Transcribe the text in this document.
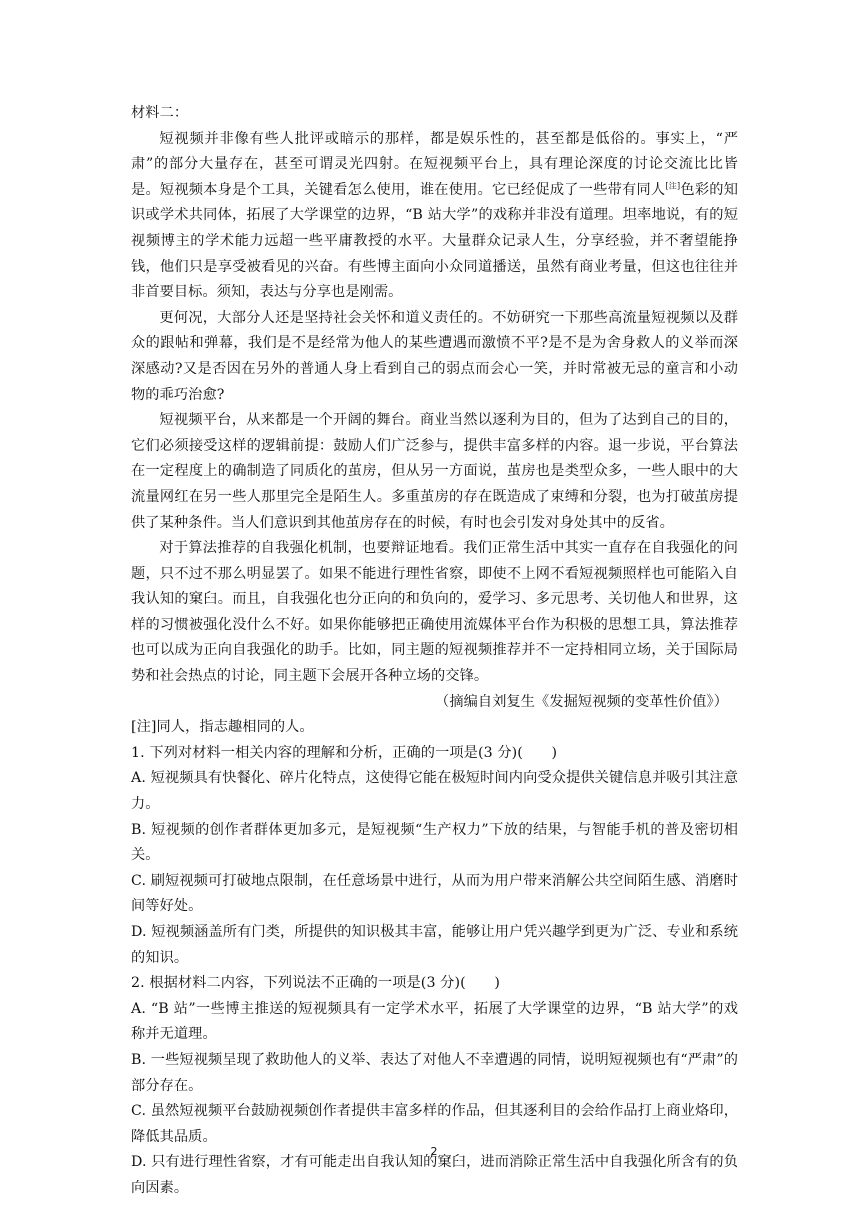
材料二：

短视频并非像有些人批评或暗示的那样，都是娱乐性的，甚至都是低俗的。事实上，“严肃”的部分大量存在，甚至可谓灵光四射。在短视频平台上，具有理论深度的讨论交流比比皆是。短视频本身是个工具，关键看怎么使用，谁在使用。它已经促成了一些带有同人[注]色彩的知识或学术共同体，拓展了大学课堂的边界，“B 站大学”的戏称并非没有道理。坦率地说，有的短视频博主的学术能力远超一些平庸教授的水平。大量群众记录人生，分享经验，并不奢望能挣钱，他们只是享受被看见的兴奋。有些博主面向小众同道播送，虽然有商业考量，但这也往往并非首要目标。须知，表达与分享也是刚需。

更何况，大部分人还是坚持社会关怀和道义责任的。不妨研究一下那些高流量短视频以及群众的跟帖和弹幕，我们是不是经常为他人的某些遭遇而激愤不平?是不是为舍身救人的义举而深深感动?又是否因在另外的普通人身上看到自己的弱点而会心一笑，并时常被无忌的童言和小动物的乖巧治愈?

短视频平台，从来都是一个开阔的舞台。商业当然以逐利为目的，但为了达到自己的目的，它们必须接受这样的逻辑前提：鼓励人们广泛参与，提供丰富多样的内容。退一步说，平台算法在一定程度上的确制造了同质化的茧房，但从另一方面说，茧房也是类型众多，一些人眼中的大流量网红在另一些人那里完全是陌生人。多重茧房的存在既造成了束缚和分裂，也为打破茧房提供了某种条件。当人们意识到其他茧房存在的时候，有时也会引发对身处其中的反省。

对于算法推荐的自我强化机制，也要辩证地看。我们正常生活中其实一直存在自我强化的问题，只不过不那么明显罢了。如果不能进行理性省察，即使不上网不看短视频照样也可能陷入自我认知的窠臼。而且，自我强化也分正向的和负向的，爱学习、多元思考、关切他人和世界，这样的习惯被强化没什么不好。如果你能够把正确使用流媒体平台作为积极的思想工具，算法推荐也可以成为正向自我强化的助手。比如，同主题的短视频推荐并不一定持相同立场，关于国际局势和社会热点的讨论，同主题下会展开各种立场的交锋。

（摘编自刘复生《发掘短视频的变革性价值》）

[注]同人，指志趣相同的人。

1. 下列对材料一相关内容的理解和分析，正确的一项是(3 分)(　　)

A. 短视频具有快餐化、碎片化特点，这使得它能在极短时间内向受众提供关键信息并吸引其注意力。

B. 短视频的创作者群体更加多元，是短视频“生产权力”下放的结果，与智能手机的普及密切相关。

C. 刷短视频可打破地点限制，在任意场景中进行，从而为用户带来消解公共空间陌生感、消磨时间等好处。

D. 短视频涵盖所有门类，所提供的知识极其丰富，能够让用户凭兴趣学到更为广泛、专业和系统的知识。

2. 根据材料二内容，下列说法不正确的一项是(3 分)(　　)

A. “B 站”一些博主推送的短视频具有一定学术水平，拓展了大学课堂的边界，“B 站大学”的戏称并无道理。

B. 一些短视频呈现了救助他人的义举、表达了对他人不幸遭遇的同情，说明短视频也有“严肃”的部分存在。

C. 虽然短视频平台鼓励视频创作者提供丰富多样的作品，但其逐利目的会给作品打上商业烙印，降低其品质。

D. 只有进行理性省察，才有可能走出自我认知的窠臼，进而消除正常生活中自我强化所含有的负向因素。

2
